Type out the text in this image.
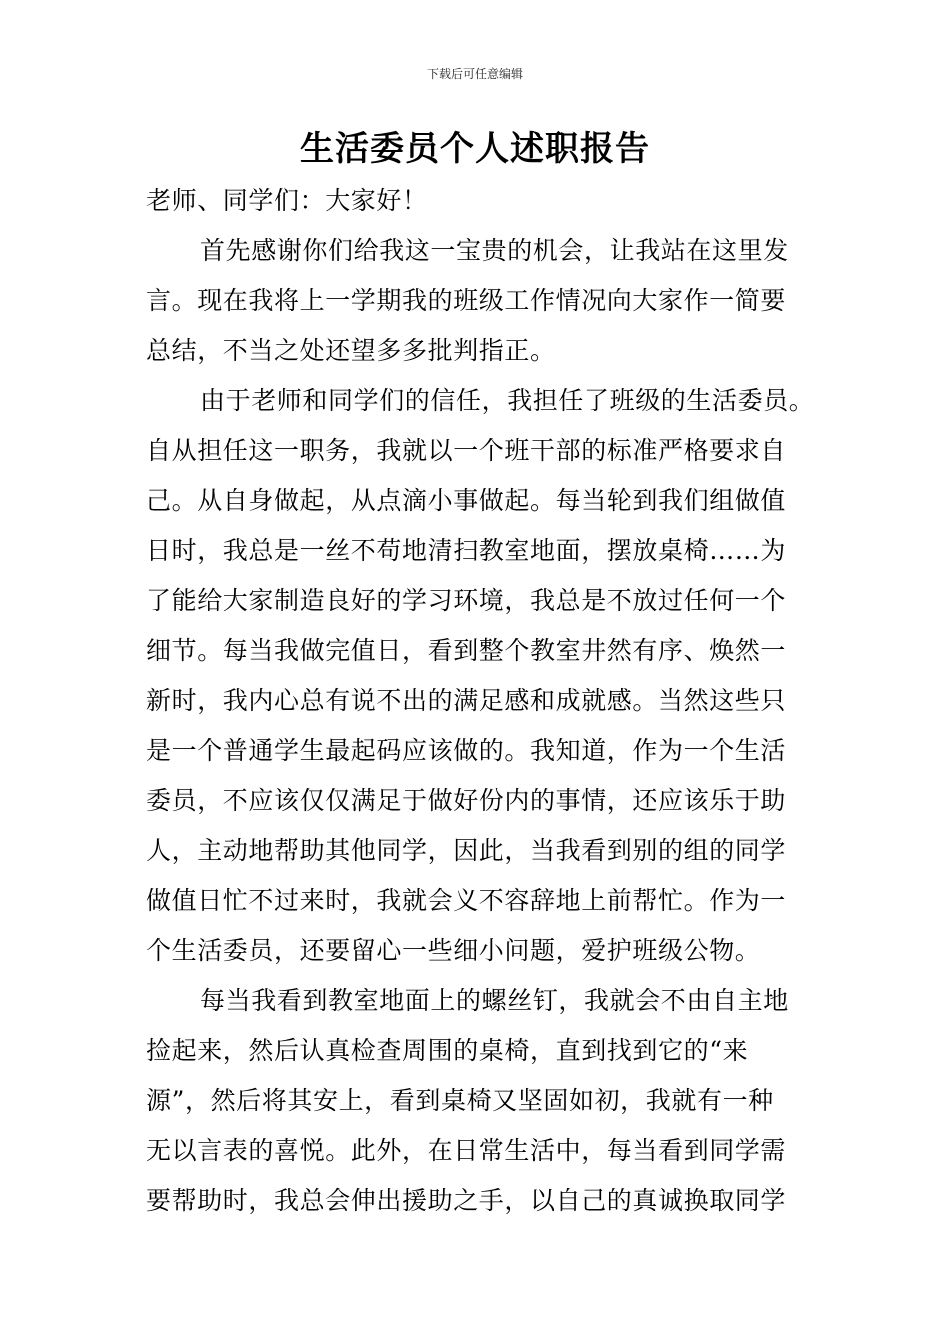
下载后可任意编辑
生活委员个人述职报告
老师、同学们：大家好！
首先感谢你们给我这一宝贵的机会，让我站在这里发
言。现在我将上一学期我的班级工作情况向大家作一简要
总结，不当之处还望多多批判指正。
由于老师和同学们的信任，我担任了班级的生活委员。
自从担任这一职务，我就以一个班干部的标准严格要求自
己。从自身做起，从点滴小事做起。每当轮到我们组做值
日时，我总是一丝不苟地清扫教室地面，摆放桌椅……为
了能给大家制造良好的学习环境，我总是不放过任何一个
细节。每当我做完值日，看到整个教室井然有序、焕然一
新时，我内心总有说不出的满足感和成就感。当然这些只
是一个普通学生最起码应该做的。我知道，作为一个生活
委员，不应该仅仅满足于做好份内的事情，还应该乐于助
人，主动地帮助其他同学，因此，当我看到别的组的同学
做值日忙不过来时，我就会义不容辞地上前帮忙。作为一
个生活委员，还要留心一些细小问题，爱护班级公物。
每当我看到教室地面上的螺丝钉，我就会不由自主地
捡起来，然后认真检查周围的桌椅，直到找到它的“来
源”，然后将其安上，看到桌椅又坚固如初，我就有一种
无以言表的喜悦。此外，在日常生活中，每当看到同学需
要帮助时，我总会伸出援助之手，以自己的真诚换取同学
